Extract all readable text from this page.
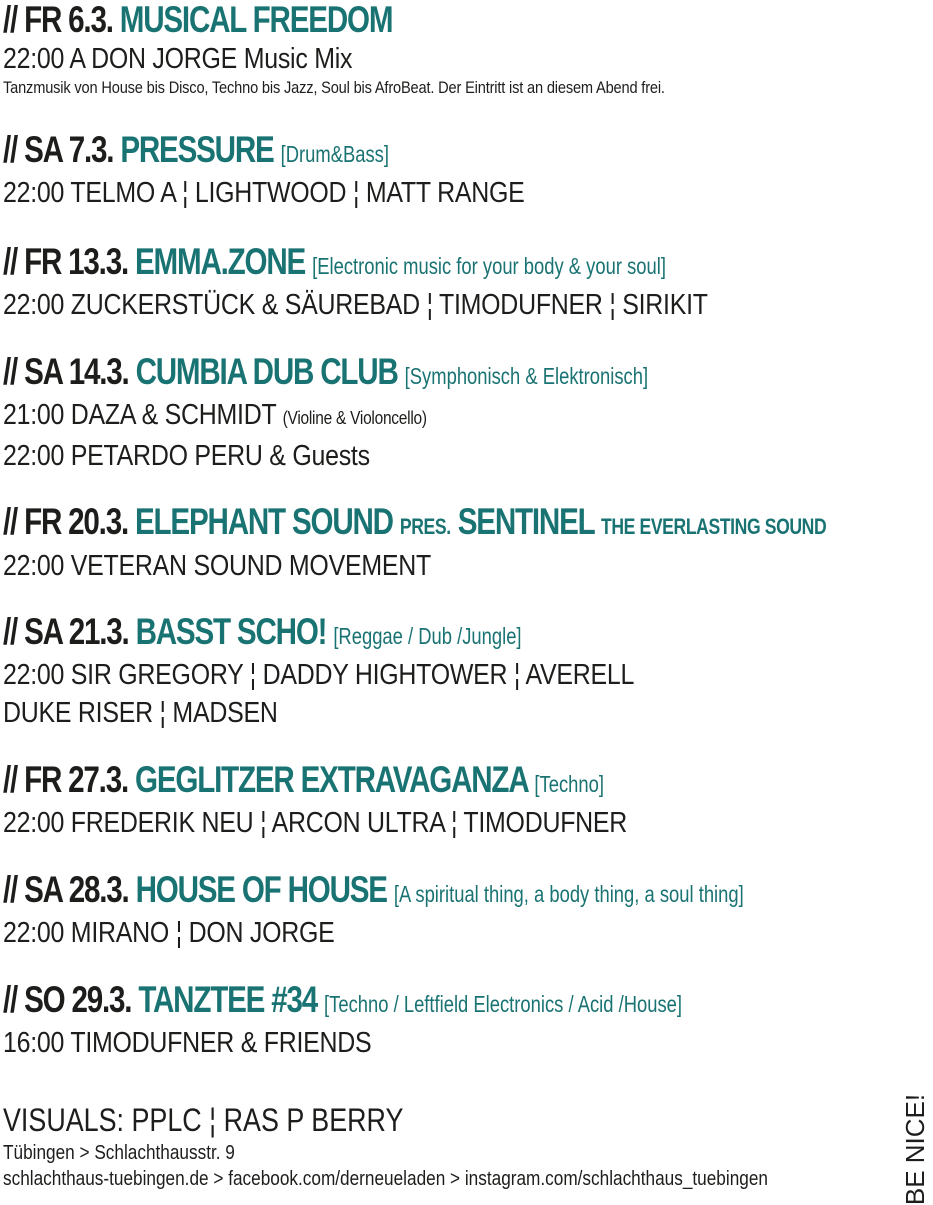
// FR 6.3. MUSICAL FREEDOM
22:00 A DON JORGE Music Mix
Tanzmusik von House bis Disco, Techno bis Jazz, Soul bis AfroBeat. Der Eintritt ist an diesem Abend frei.
// SA 7.3. PRESSURE [Drum&Bass]
22:00 TELMO A ¦ LIGHTWOOD ¦ MATT RANGE
// FR 13.3. EMMA.ZONE [Electronic music for your body & your soul]
22:00 ZUCKERSTÜCK & SÄUREBAD ¦ TIMODUFNER ¦ SIRIKIT
// SA 14.3. CUMBIA DUB CLUB [Symphonisch & Elektronisch]
21:00 DAZA & SCHMIDT (Violine & Violoncello)
22:00 PETARDO PERU & Guests
// FR 20.3. ELEPHANT SOUND PRES. SENTINEL THE EVERLASTING SOUND
22:00 VETERAN SOUND MOVEMENT
// SA 21.3. BASST SCHO! [Reggae / Dub /Jungle]
22:00 SIR GREGORY ¦ DADDY HIGHTOWER ¦ AVERELL
DUKE RISER ¦ MADSEN
// FR 27.3. GEGLITZER EXTRAVAGANZA [Techno]
22:00 FREDERIK NEU ¦ ARCON ULTRA ¦ TIMODUFNER
// SA 28.3. HOUSE OF HOUSE [A spiritual thing, a body thing, a soul thing]
22:00 MIRANO ¦ DON JORGE
// SO 29.3. TANZTEE #34 [Techno / Leftfield Electronics / Acid /House]
16:00 TIMODUFNER & FRIENDS
VISUALS: PPLC ¦ RAS P BERRY
Tübingen > Schlachthausstr. 9
schlachthaus-tuebingen.de > facebook.com/derneueladen > instagram.com/schlachthaus_tuebingen	BE NICE!
